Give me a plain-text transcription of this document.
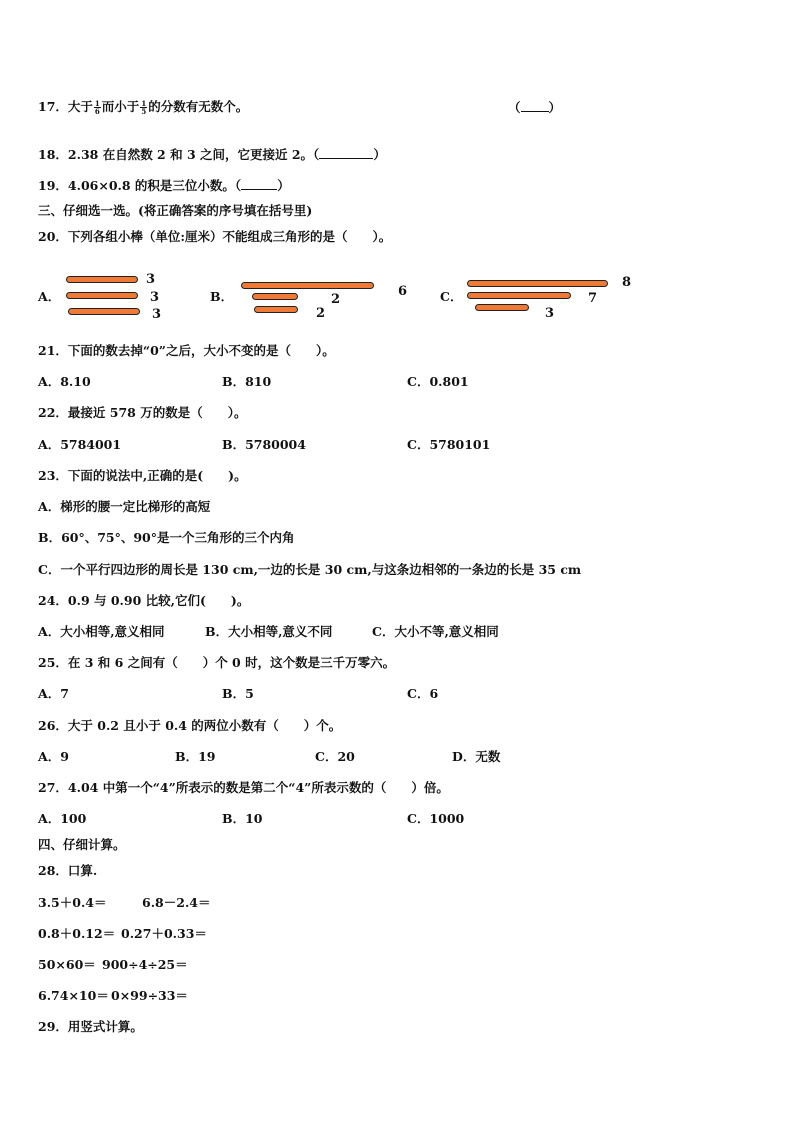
17．大于 $\frac{1}{6}$ 而小于 $\frac{1}{5}$ 的分数有无数个。	（ ）
18．2.38 在自然数 2 和 3 之间，它更接近 2。（	）
19．4.06×0.8 的积是三位小数。（	）
三、仔细选一选。(将正确答案的序号填在括号里)
20．下列各组小棒（单位:厘米）不能组成三角形的是（　　）。
A．
3
3
3
B．	6
2
2
C．
8
7
3
21．下面的数去掉“0”之后，大小不变的是（　　）。
A．8.10	B．810	C．0.801
22．最接近 578 万的数是（　　）。
A．5784001	B．5780004	C．5780101
23．下面的说法中,正确的是(　　)。
A．梯形的腰一定比梯形的高短
B．60°、75°、90°是一个三角形的三个内角
C．一个平行四边形的周长是 130 cm,一边的长是 30 cm,与这条边相邻的一条边的长是 35 cm
24．0.9 与 0.90 比较,它们(　　)。
A．大小相等,意义相同	B．大小相等,意义不同	C．大小不等,意义相同
25．在 3 和 6 之间有（　　）个 0 时，这个数是三千万零六。
A．7	B．5	C．6
26．大于 0.2 且小于 0.4 的两位小数有（　　）个。
A．9	B．19	C．20	D．无数
27．4.04 中第一个“4”所表示的数是第二个“4”所表示数的（　　）倍。
A．100	B．10	C．1000
四、仔细计算。
28．口算.
3.5＋0.4＝	6.8－2.4＝
0.8＋0.12＝ 0.27＋0.33＝
50×60＝ 900÷4÷25＝
6.74×10＝ 0×99÷33＝
29．用竖式计算。
